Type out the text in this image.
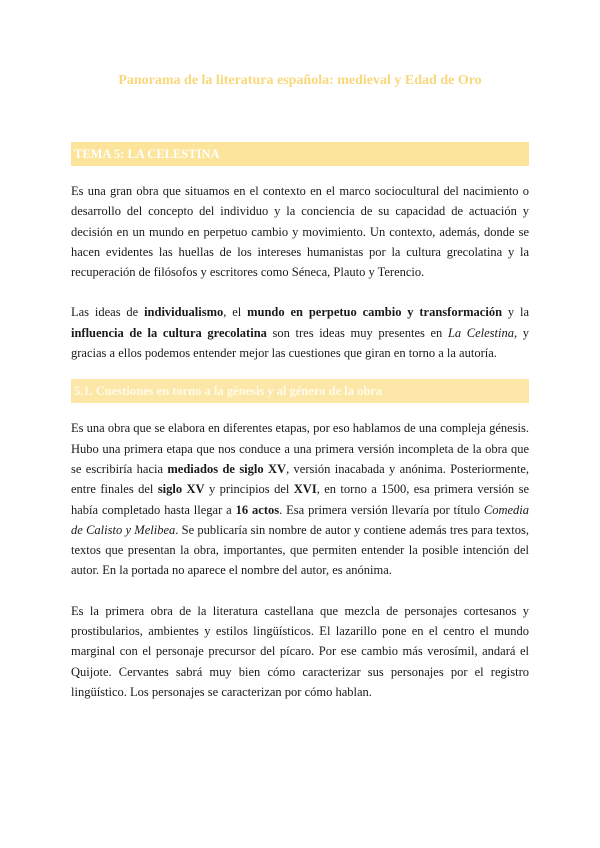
Panorama de la literatura española: medieval y Edad de Oro
TEMA 5: LA CELESTINA

Es una gran obra que situamos en el contexto en el marco sociocultural del nacimiento o desarrollo del concepto del individuo y la conciencia de su capacidad de actuación y decisión en un mundo en perpetuo cambio y movimiento. Un contexto, además, donde se hacen evidentes las huellas de los intereses humanistas por la cultura grecolatina y la recuperación de filósofos y escritores como Séneca, Plauto y Terencio.

Las ideas de individualismo, el mundo en perpetuo cambio y transformación y la influencia de la cultura grecolatina son tres ideas muy presentes en La Celestina, y gracias a ellos podemos entender mejor las cuestiones que giran en torno a la autoría.

5.1. Cuestiones en torno a la génesis y al género de la obra

Es una obra que se elabora en diferentes etapas, por eso hablamos de una compleja génesis. Hubo una primera etapa que nos conduce a una primera versión incompleta de la obra que se escribiría hacia mediados de siglo XV, versión inacabada y anónima. Posteriormente, entre finales del siglo XV y principios del XVI, en torno a 1500, esa primera versión se había completado hasta llegar a 16 actos. Esa primera versión llevaría por título Comedia de Calisto y Melibea. Se publicaría sin nombre de autor y contiene además tres para textos, textos que presentan la obra, importantes, que permiten entender la posible intención del autor. En la portada no aparece el nombre del autor, es anónima.

Es la primera obra de la literatura castellana que mezcla de personajes cortesanos y prostibularios, ambientes y estilos lingüísticos. El lazarillo pone en el centro el mundo marginal con el personaje precursor del pícaro. Por ese cambio más verosímil, andará el Quijote. Cervantes sabrá muy bien cómo caracterizar sus personajes por el registro lingüístico. Los personajes se caracterizan por cómo hablan.
